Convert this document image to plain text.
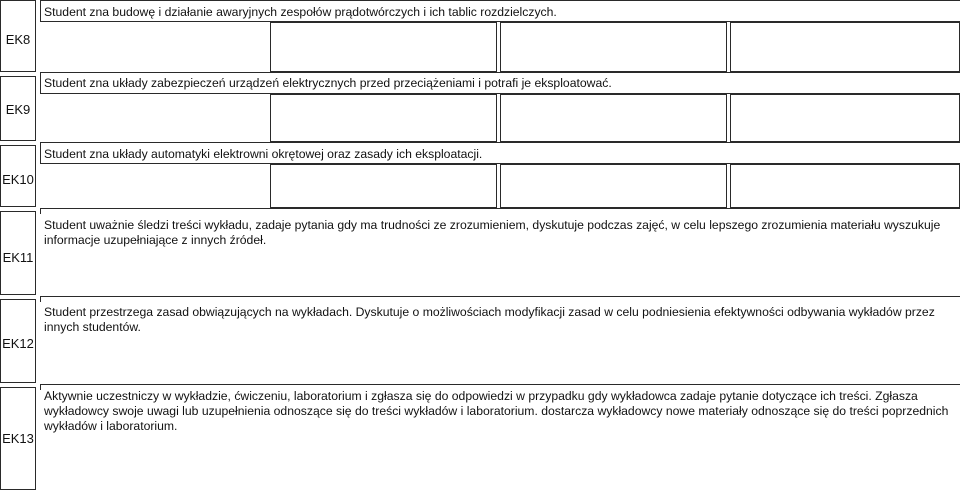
EK8
Student zna budowę i działanie awaryjnych zespołów prądotwórczych i ich tablic rozdzielczych.
EK9
Student zna układy zabezpieczeń urządzeń elektrycznych przed przeciążeniami i potrafi je eksploatować.
EK10
Student zna układy automatyki elektrowni okrętowej oraz zasady ich eksploatacji.
EK11
Student uważnie śledzi treści wykładu, zadaje pytania gdy ma trudności ze zrozumieniem, dyskutuje podczas zajęć, w celu lepszego zrozumienia materiału wyszukuje informacje uzupełniające z innych źródeł.
EK12
Student przestrzega zasad obwiązujących na wykładach. Dyskutuje o możliwościach modyfikacji zasad w celu podniesienia efektywności odbywania wykładów przez innych studentów.
EK13
Aktywnie uczestniczy w wykładzie, ćwiczeniu, laboratorium i zgłasza się do odpowiedzi w przypadku gdy wykładowca zadaje pytanie dotyczące ich treści. Zgłasza wykładowcy swoje uwagi lub uzupełnienia odnoszące się do treści wykładów i laboratorium. dostarcza wykładowcy nowe materiały odnoszące się do treści poprzednich wykładów i laboratorium.
